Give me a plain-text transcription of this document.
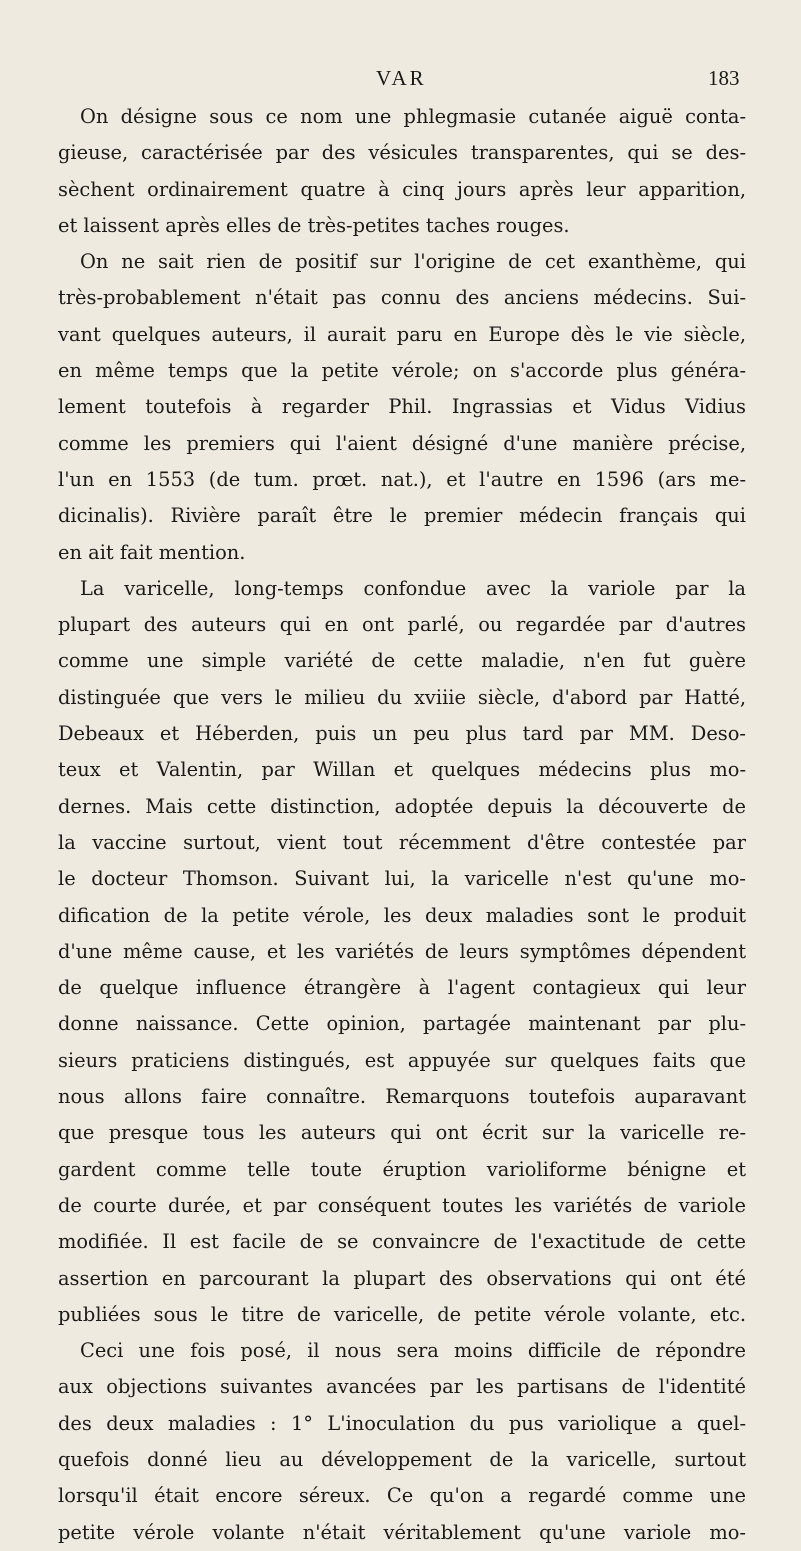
VAR	183
On désigne sous ce nom une phlegmasie cutanée aiguë conta-
gieuse, caractérisée par des vésicules transparentes, qui se des-
sèchent ordinairement quatre à cinq jours après leur apparition,
et laissent après elles de très-petites taches rouges.
On ne sait rien de positif sur l'origine de cet exanthème, qui
très-probablement n'était pas connu des anciens médecins. Sui-
vant quelques auteurs, il aurait paru en Europe dès le vie siècle,
en même temps que la petite vérole; on s'accorde plus généra-
lement toutefois à regarder Phil. Ingrassias et Vidus Vidius
comme les premiers qui l'aient désigné d'une manière précise,
l'un en 1553 (de tum. prœt. nat.), et l'autre en 1596 (ars me-
dicinalis). Rivière paraît être le premier médecin français qui
en ait fait mention.
La varicelle, long-temps confondue avec la variole par la
plupart des auteurs qui en ont parlé, ou regardée par d'autres
comme une simple variété de cette maladie, n'en fut guère
distinguée que vers le milieu du xviiie siècle, d'abord par Hatté,
Debeaux et Héberden, puis un peu plus tard par MM. Deso-
teux et Valentin, par Willan et quelques médecins plus mo-
dernes. Mais cette distinction, adoptée depuis la découverte de
la vaccine surtout, vient tout récemment d'être contestée par
le docteur Thomson. Suivant lui, la varicelle n'est qu'une mo-
dification de la petite vérole, les deux maladies sont le produit
d'une même cause, et les variétés de leurs symptômes dépendent
de quelque influence étrangère à l'agent contagieux qui leur
donne naissance. Cette opinion, partagée maintenant par plu-
sieurs praticiens distingués, est appuyée sur quelques faits que
nous allons faire connaître. Remarquons toutefois auparavant
que presque tous les auteurs qui ont écrit sur la varicelle re-
gardent comme telle toute éruption varioliforme bénigne et
de courte durée, et par conséquent toutes les variétés de variole
modifiée. Il est facile de se convaincre de l'exactitude de cette
assertion en parcourant la plupart des observations qui ont été
publiées sous le titre de varicelle, de petite vérole volante, etc.
Ceci une fois posé, il nous sera moins difficile de répondre
aux objections suivantes avancées par les partisans de l'identité
des deux maladies : 1° L'inoculation du pus variolique a quel-
quefois donné lieu au développement de la varicelle, surtout
lorsqu'il était encore séreux. Ce qu'on a regardé comme une
petite vérole volante n'était véritablement qu'une variole mo-
